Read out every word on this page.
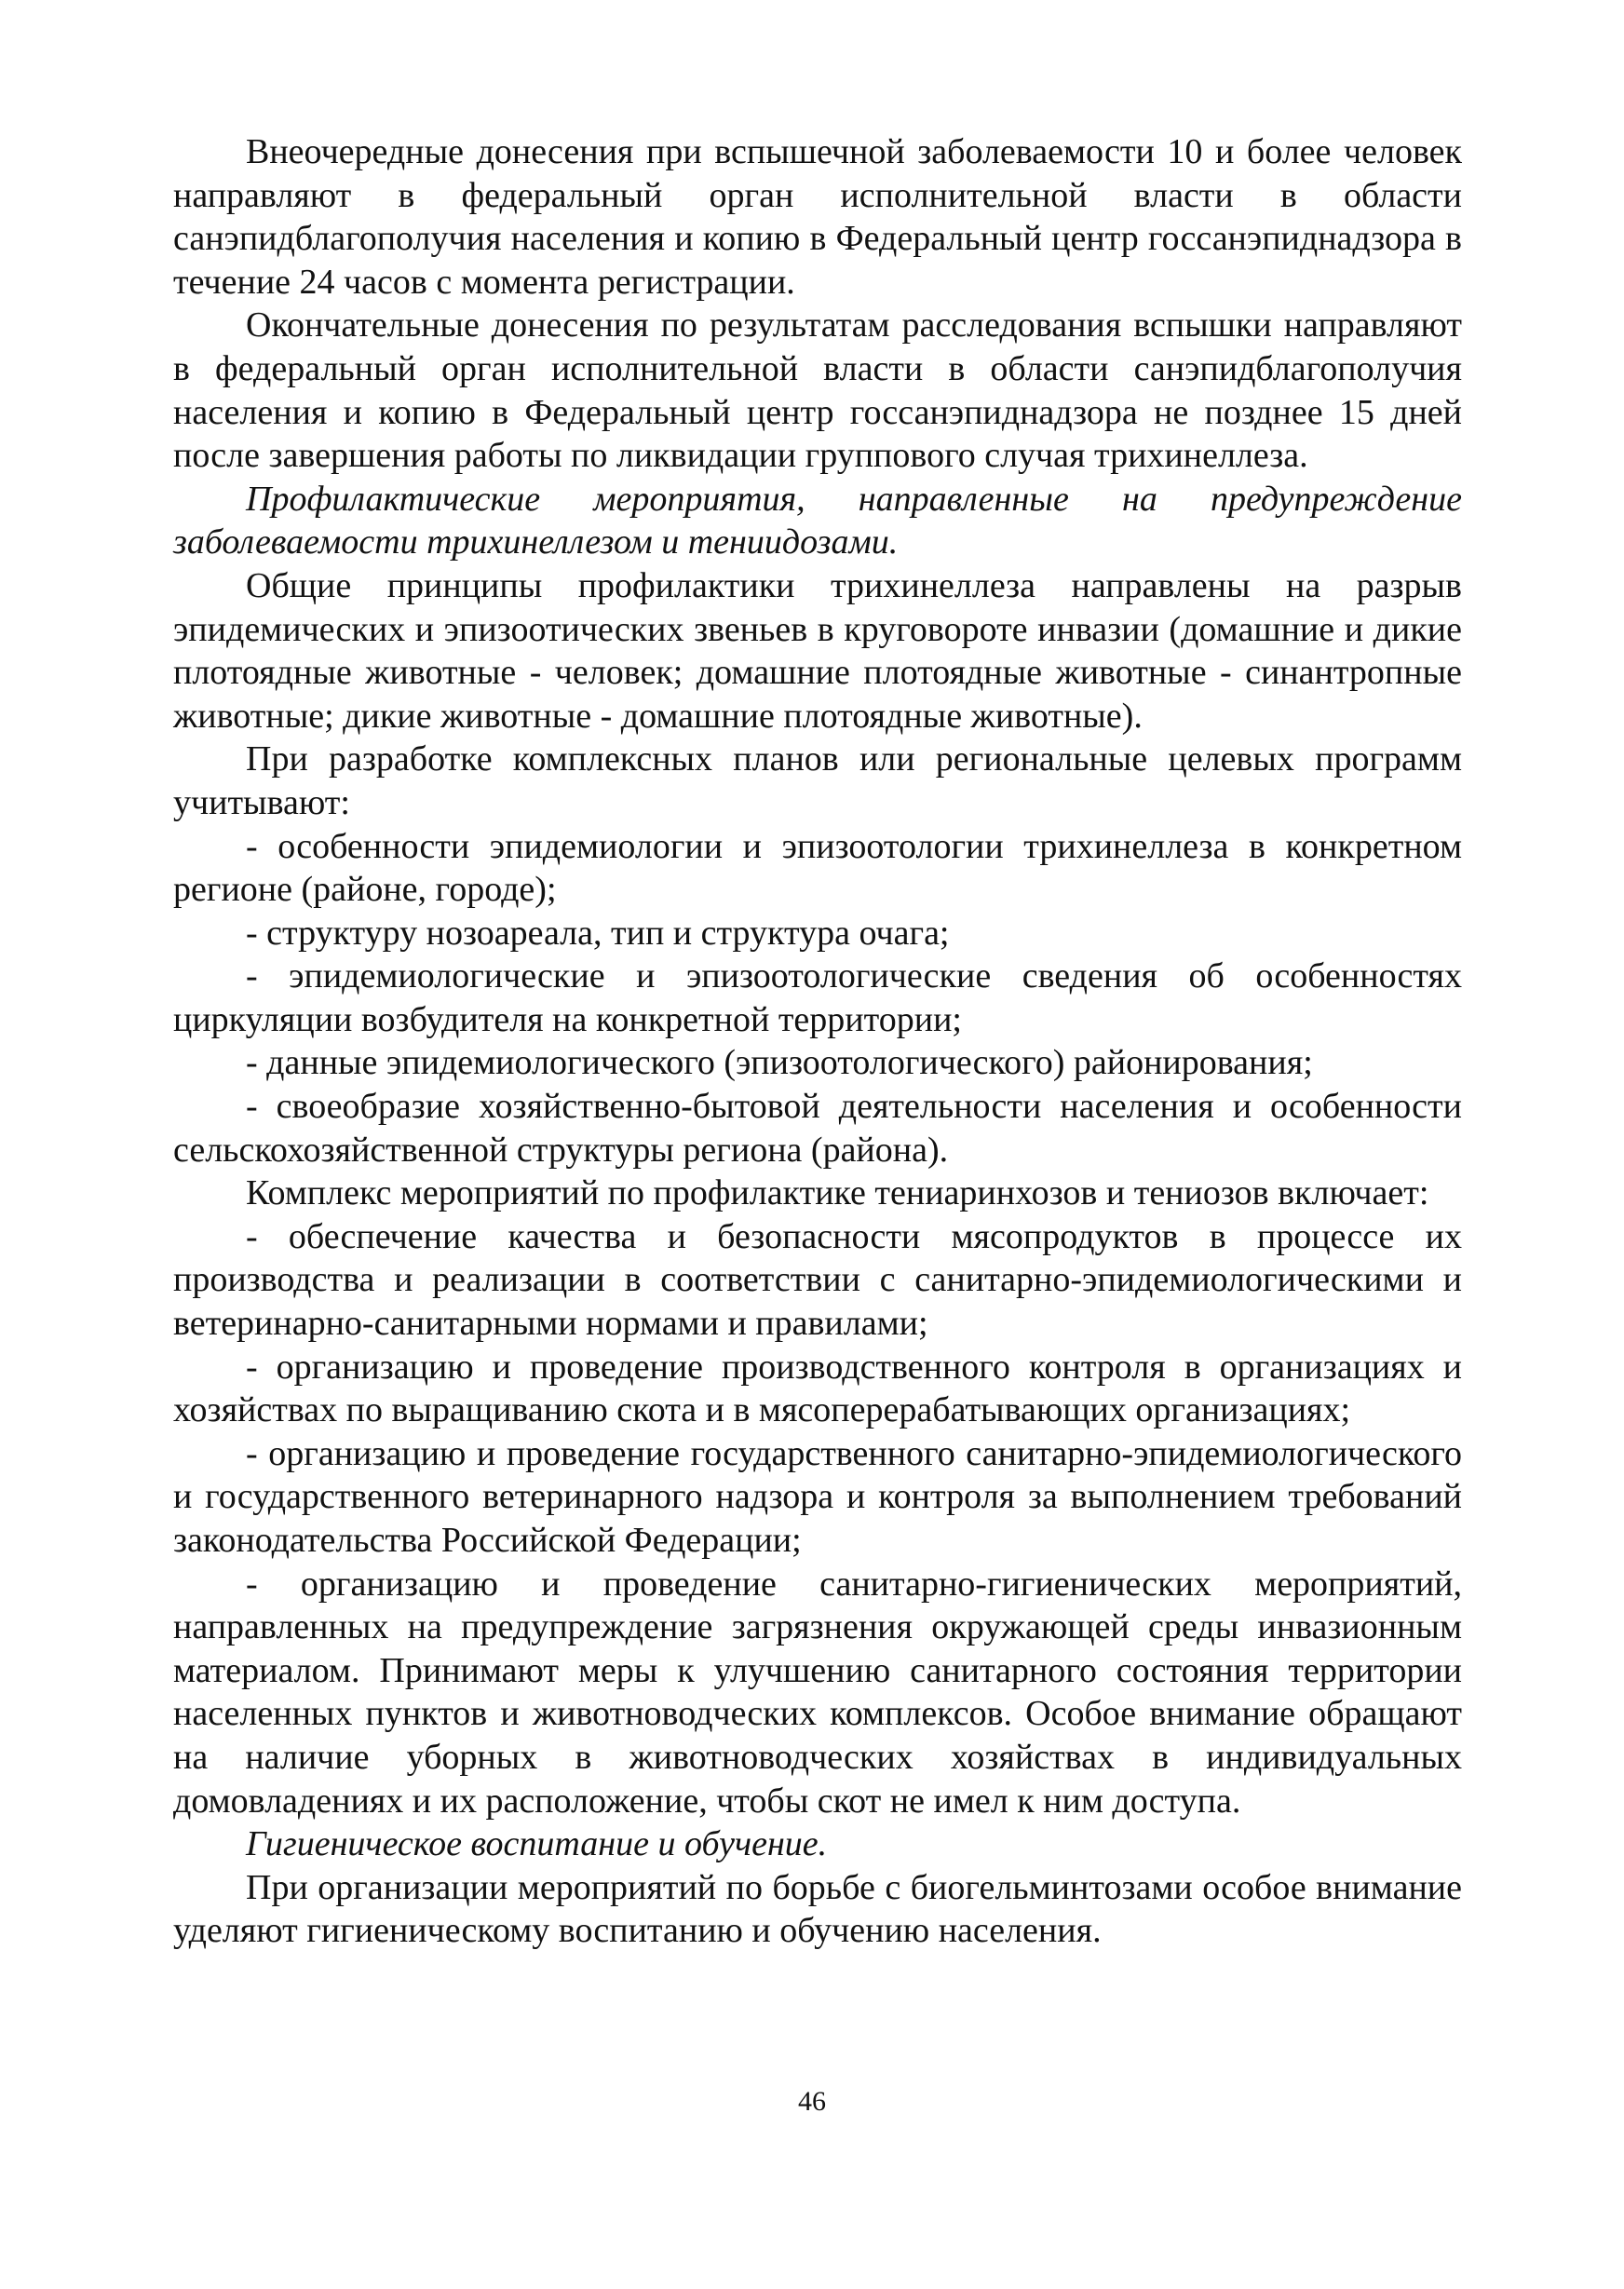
Внеочередные донесения при вспышечной заболеваемости 10 и более человек направляют в федеральный орган исполнительной власти в области санэпидблагополучия населения и копию в Федеральный центр госсанэпиднадзора в течение 24 часов с момента регистрации.

Окончательные донесения по результатам расследования вспышки направляют в федеральный орган исполнительной власти в области санэпидблагополучия населения и копию в Федеральный центр госсанэпиднадзора не позднее 15 дней после завершения работы по ликвидации группового случая трихинеллеза.

Профилактические мероприятия, направленные на предупреждение заболеваемости трихинеллезом и тениидозами.

Общие принципы профилактики трихинеллеза направлены на разрыв эпидемических и эпизоотических звеньев в круговороте инвазии (домашние и дикие плотоядные животные - человек; домашние плотоядные животные - синантропные животные; дикие животные - домашние плотоядные животные).

При разработке комплексных планов или региональные целевых программ учитывают:

- особенности эпидемиологии и эпизоотологии трихинеллеза в конкретном регионе (районе, городе);

- структуру нозоареала, тип и структура очага;

- эпидемиологические и эпизоотологические сведения об особенностях циркуляции возбудителя на конкретной территории;

- данные эпидемиологического (эпизоотологического) районирования;

- своеобразие хозяйственно-бытовой деятельности населения и особенности сельскохозяйственной структуры региона (района).

Комплекс мероприятий по профилактике тениаринхозов и тениозов включает:

- обеспечение качества и безопасности мясопродуктов в процессе их производства и реализации в соответствии с санитарно-эпидемиологическими и ветеринарно-санитарными нормами и правилами;

- организацию и проведение производственного контроля в организациях и хозяйствах по выращиванию скота и в мясоперерабатывающих организациях;

- организацию и проведение государственного санитарно-эпидемиологического и государственного ветеринарного надзора и контроля за выполнением требований законодательства Российской Федерации;

- организацию и проведение санитарно-гигиенических мероприятий, направленных на предупреждение загрязнения окружающей среды инвазионным материалом. Принимают меры к улучшению санитарного состояния территории населенных пунктов и животноводческих комплексов. Особое внимание обращают на наличие уборных в животноводческих хозяйствах в индивидуальных домовладениях и их расположение, чтобы скот не имел к ним доступа.

Гигиеническое воспитание и обучение.

При организации мероприятий по борьбе с биогельминтозами особое внимание уделяют гигиеническому воспитанию и обучению населения.

46
